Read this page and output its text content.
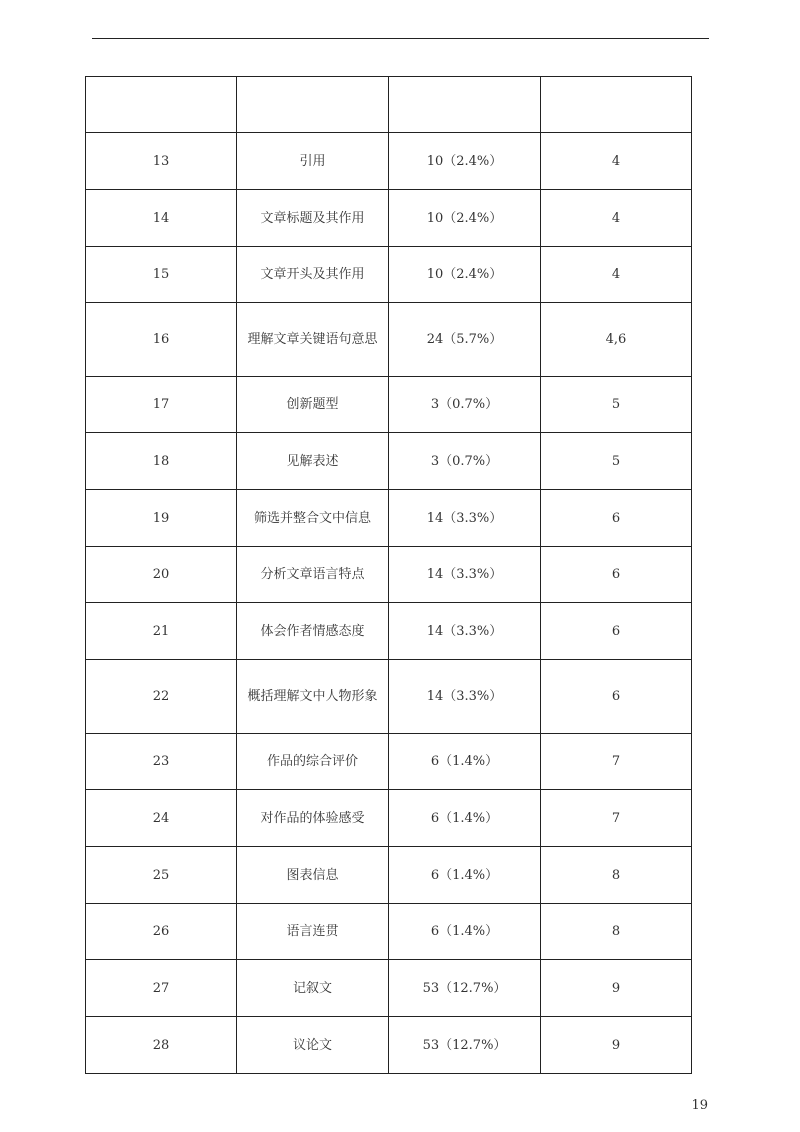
13	引用	10（2.4%）	4
14	文章标题及其作用	10（2.4%）	4
15	文章开头及其作用	10（2.4%）	4
16	理解文章关键语句意思	24（5.7%）	4,6
17	创新题型	3（0.7%）	5
18	见解表述	3（0.7%）	5
19	筛选并整合文中信息	14（3.3%）	6
20	分析文章语言特点	14（3.3%）	6
21	体会作者情感态度	14（3.3%）	6
22	概括理解文中人物形象	14（3.3%）	6
23	作品的综合评价	6（1.4%）	7
24	对作品的体验感受	6（1.4%）	7
25	图表信息	6（1.4%）	8
26	语言连贯	6（1.4%）	8
27	记叙文	53（12.7%）	9
28	议论文	53（12.7%）	9
19
